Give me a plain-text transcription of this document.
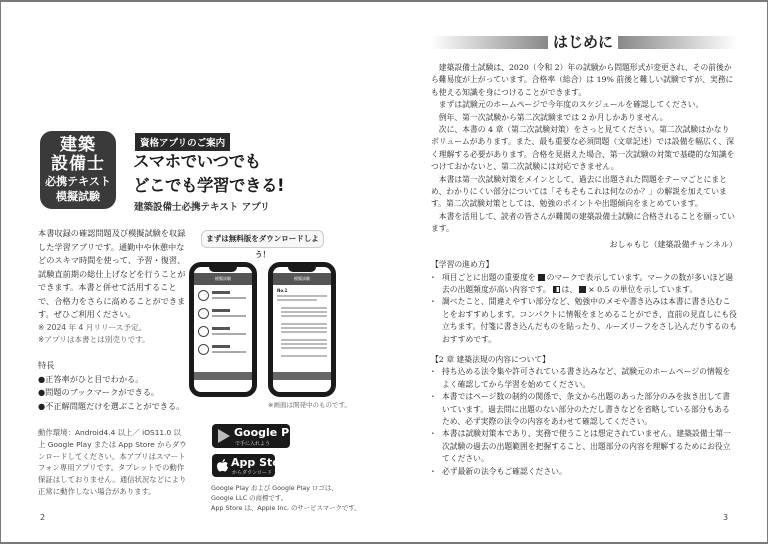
建築
設備士
必携テキスト
模擬試験
資格アプリのご案内
スマホでいつでも
どこでも学習できる!
建築設備士必携テキスト アプリ
本書収録の確認問題及び模擬試験を収録した学習アプリです。通勤中や休憩中などのスキマ時間を使って、予習・復習、試験直前期の総仕上げなどを行うことができます。本書と併せて活用することで、合格力をさらに高めることができます。ぜひご利用ください。
※ 2024 年 4 月リリース予定。
※アプリは本書とは別売りです。
特長
●正答率がひと目でわかる。
●問題のブックマークができる。
●不正解問題だけを選ぶことができる。
動作環境：Android4.4 以上／ iOS11.0 以上 Google Play または App Store からダウンロードしてください。本アプリはスマートフォン専用アプリです。タブレットでの動作保証はしておりません。通信状況などにより正常に動作しない場合があります。
まずは無料版をダウンロードしよう！
模擬試験	模擬試験
No.1
※画面は開発中のものです。
Google Play
で手に入れよう
App Store
からダウンロード
Google Play および Google Play ロゴは、
Google LLC の商標です。
App Store は、Apple Inc. のサービスマークです。
2
はじめに

建築設備士試験は、2020（令和 2）年の試験から問題形式が変更され、その前後から難易度が上がっています。合格率（総合）は 19% 前後と難しい試験ですが、実務にも使える知識を身につけることができます。

まずは試験元のホームページで今年度のスケジュールを確認してください。

例年、第一次試験から第二次試験までは 2 か月しかありません。

次に、本書の 4 章（第二次試験対策）をさっと見てください。第二次試験はかなりボリュームがあります。また、最も重要な必須問題（文章記述）では設備を幅広く、深く理解する必要があります。合格を見据えた場合、第一次試験の対策で基礎的な知識をつけておかないと、第二次試験には対応できません。

本書は第一次試験対策をメインとして、過去に出題された問題をテーマごとにまとめ、わかりにくい部分については「そもそもこれは何なのか？」の解説を加えています。第二次試験対策としては、勉強のポイントや出題傾向をまとめています。

本書を活用して、読者の皆さんが難関の建築設備士試験に合格されることを願っています。

おしゃもじ（建築設備チャンネル）
【学習の進め方】
・ 項目ごとに出題の重要度を のマークで表示しています。マークの数が多いほど過去の出題頻度が高い内容です。 は、 × 0.5 の単位を示しています。
・ 調べたこと、間違えやすい部分など、勉強中のメモや書き込みは本書に書き込むことをおすすめします。コンパクトに情報をまとめることができ、直前の見直しにも役立ちます。付箋に書き込んだものを貼ったり、ルーズリーフをさし込んだりするのもおすすめです。
【2 章 建築法規の内容について】
・ 持ち込める法令集や許可されている書き込みなど、試験元のホームページの情報をよく確認してから学習を始めてください。
・ 本書ではページ数の制約の関係で、条文から出題のあった部分のみを抜き出して書いています。過去問に出題のない部分のただし書きなどを省略している部分もあるため、必ず実際の法令の内容をあわせて確認してください。
・ 本書は試験対策本であり、実務で使うことは想定されていません。建築設備士第一次試験の過去の出題範囲を把握すること、出題部分の内容を理解するためにお役立てください。
・ 必ず最新の法令もご確認ください。
3
